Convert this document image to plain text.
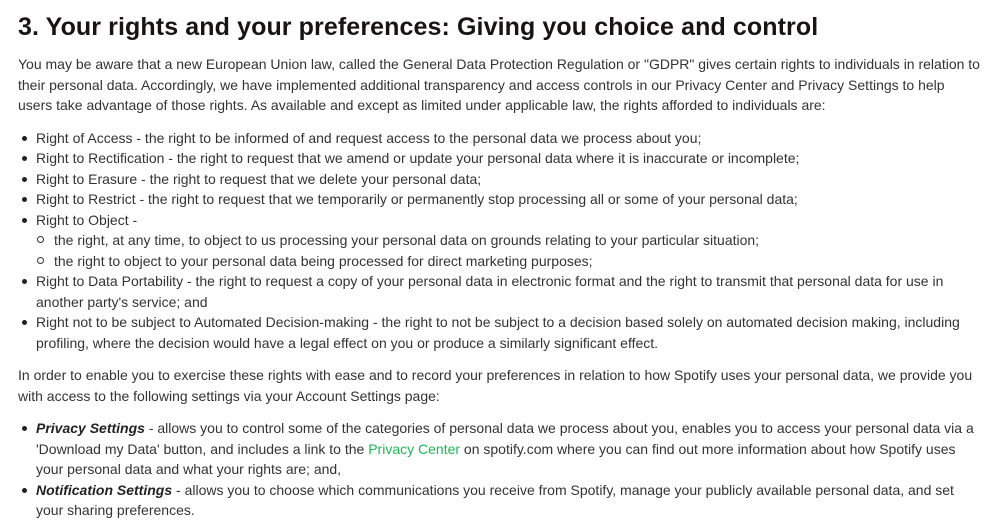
3. Your rights and your preferences: Giving you choice and control

You may be aware that a new European Union law, called the General Data Protection Regulation or "GDPR" gives certain rights to individuals in relation to their personal data. Accordingly, we have implemented additional transparency and access controls in our Privacy Center and Privacy Settings to help users take advantage of those rights. As available and except as limited under applicable law, the rights afforded to individuals are:

Right of Access - the right to be informed of and request access to the personal data we process about you;
Right to Rectification - the right to request that we amend or update your personal data where it is inaccurate or incomplete;
Right to Erasure - the right to request that we delete your personal data;
Right to Restrict - the right to request that we temporarily or permanently stop processing all or some of your personal data;
Right to Object -
the right, at any time, to object to us processing your personal data on grounds relating to your particular situation;
the right to object to your personal data being processed for direct marketing purposes;
Right to Data Portability - the right to request a copy of your personal data in electronic format and the right to transmit that personal data for use in another party's service; and
Right not to be subject to Automated Decision-making - the right to not be subject to a decision based solely on automated decision making, including profiling, where the decision would have a legal effect on you or produce a similarly significant effect.

In order to enable you to exercise these rights with ease and to record your preferences in relation to how Spotify uses your personal data, we provide you with access to the following settings via your Account Settings page:

Privacy Settings - allows you to control some of the categories of personal data we process about you, enables you to access your personal data via a 'Download my Data' button, and includes a link to the Privacy Center on spotify.com where you can find out more information about how Spotify uses your personal data and what your rights are; and,
Notification Settings - allows you to choose which communications you receive from Spotify, manage your publicly available personal data, and set your sharing preferences.
